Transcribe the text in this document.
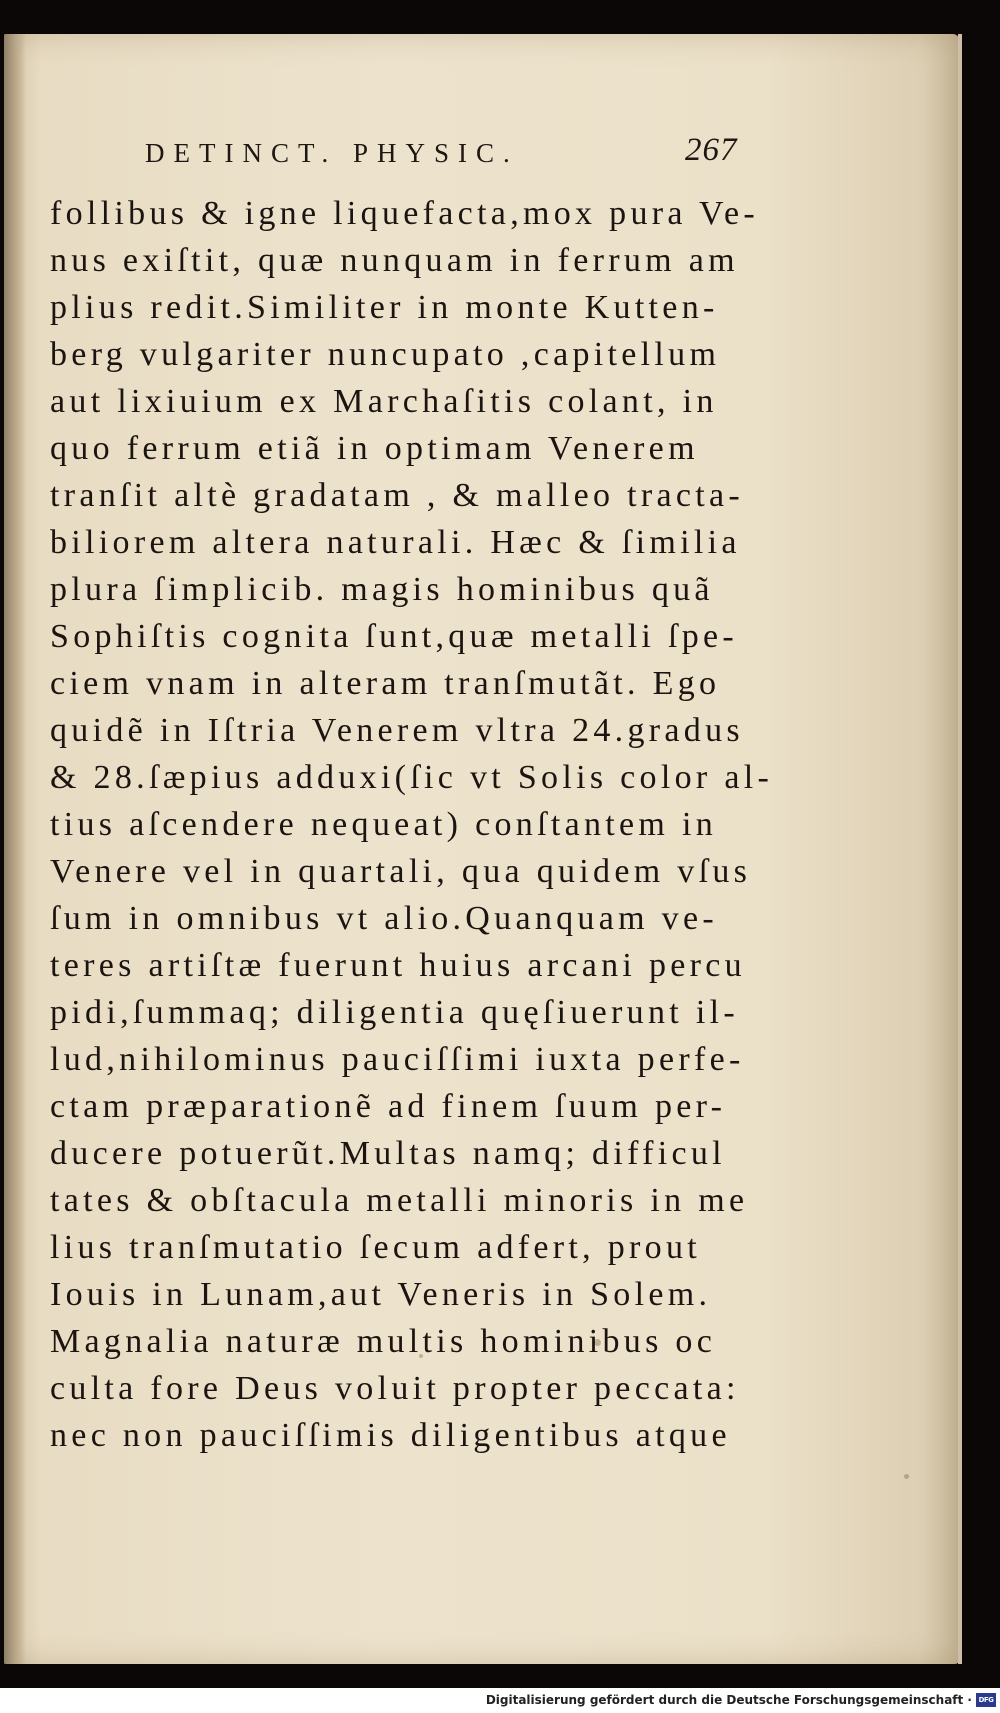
DETINCT. PHYSIC.	267
follibus & igne liquefacta,mox pura Ve-
nus exiſtit, quæ nunquam in ferrum am
plius redit.Similiter in monte Kutten-
berg vulgariter nuncupato ,capitellum
aut lixiuium ex Marchaſitis colant, in
quo ferrum etiã in optimam Venerem
tranſit altè gradatam , & malleo tracta-
biliorem altera naturali. Hæc & ſimilia
plura ſimplicib. magis hominibus quã
Sophiſtis cognita ſunt,quæ metalli ſpe-
ciem vnam in alteram tranſmutãt. Ego
quidẽ in Iſtria Venerem vltra 24.gradus
& 28.ſæpius adduxi(ſic vt Solis color al-
tius aſcendere nequeat) conſtantem in
Venere vel in quartali, qua quidem vſus
ſum in omnibus vt alio.Quanquam ve-
teres artiſtæ fuerunt huius arcani percu
pidi,ſummaq; diligentia quęſiuerunt il-
lud,nihilominus pauciſſimi iuxta perfe-
ctam præparationẽ ad finem ſuum per-
ducere potuerũt.Multas namq; difficul
tates & obſtacula metalli minoris in me
lius tranſmutatio ſecum adfert, prout
Iouis in Lunam,aut Veneris in Solem.
Magnalia naturæ multis hominibus oc
culta fore Deus voluit propter peccata:
nec non pauciſſimis diligentibus atque
Digitalisierung gefördert durch die Deutsche Forschungsgemeinschaft · DFG
